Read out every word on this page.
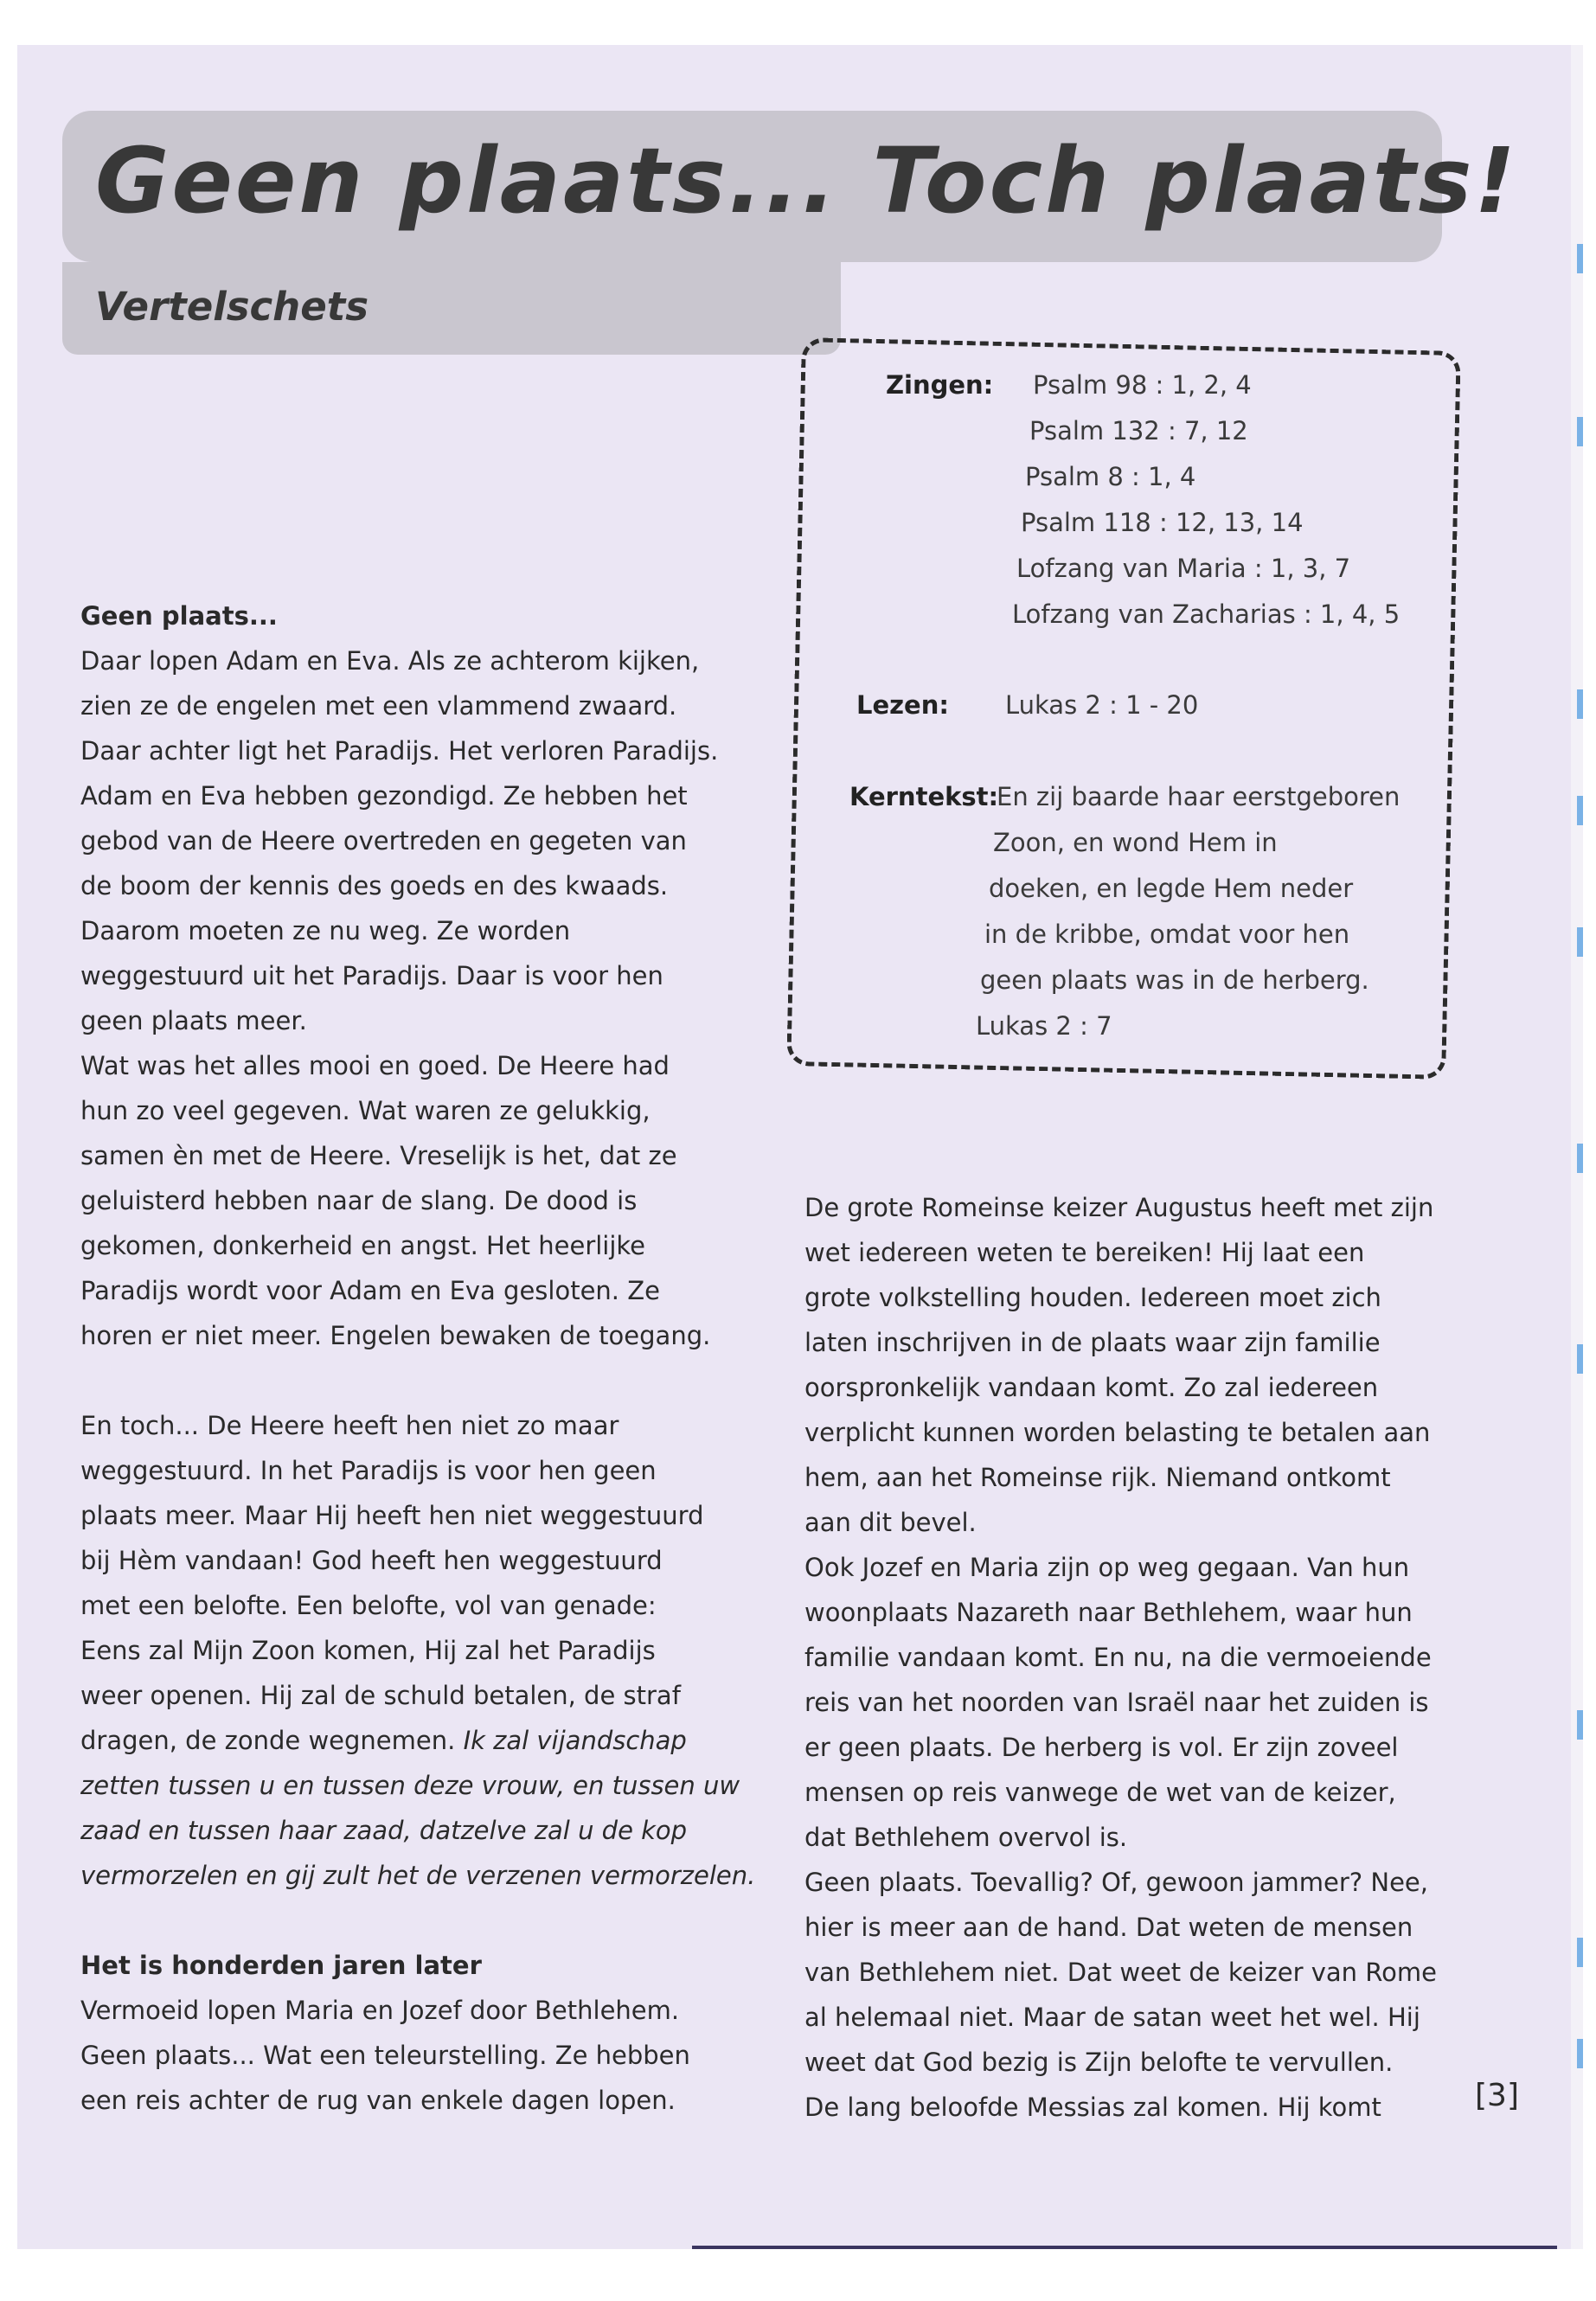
Geen plaats... Toch plaats!
Vertelschets
Zingen: Psalm 98 : 1, 2, 4
Psalm 132 : 7, 12
Psalm 8 : 1, 4
Psalm 118 : 12, 13, 14
Lofzang van Maria : 1, 3, 7
Lofzang van Zacharias : 1, 4, 5
Lezen: Lukas 2 : 1 - 20
Kerntekst:
En zij baarde haar eerstgeboren
Zoon, en wond Hem in
doeken, en legde Hem neder
in de kribbe, omdat voor hen
geen plaats was in de herberg.
Lukas 2 : 7

Geen plaats...

Daar lopen Adam en Eva. Als ze achterom kijken,

zien ze de engelen met een vlammend zwaard.

Daar achter ligt het Paradijs. Het verloren Paradijs.

Adam en Eva hebben gezondigd. Ze hebben het

gebod van de Heere overtreden en gegeten van

de boom der kennis des goeds en des kwaads.

Daarom moeten ze nu weg. Ze worden

weggestuurd uit het Paradijs. Daar is voor hen

geen plaats meer.

Wat was het alles mooi en goed. De Heere had

hun zo veel gegeven. Wat waren ze gelukkig,

samen èn met de Heere. Vreselijk is het, dat ze

geluisterd hebben naar de slang. De dood is

gekomen, donkerheid en angst. Het heerlijke

Paradijs wordt voor Adam en Eva gesloten. Ze

horen er niet meer. Engelen bewaken de toegang.

En toch... De Heere heeft hen niet zo maar

weggestuurd. In het Paradijs is voor hen geen

plaats meer. Maar Hij heeft hen niet weggestuurd

bij Hèm vandaan! God heeft hen weggestuurd

met een belofte. Een belofte, vol van genade:

Eens zal Mijn Zoon komen, Hij zal het Paradijs

weer openen. Hij zal de schuld betalen, de straf

dragen, de zonde wegnemen. Ik zal vijandschap

zetten tussen u en tussen deze vrouw, en tussen uw

zaad en tussen haar zaad, datzelve zal u de kop

vermorzelen en gij zult het de verzenen vermorzelen.

Het is honderden jaren later

Vermoeid lopen Maria en Jozef door Bethlehem.

Geen plaats... Wat een teleurstelling. Ze hebben

een reis achter de rug van enkele dagen lopen.

De grote Romeinse keizer Augustus heeft met zijn

wet iedereen weten te bereiken! Hij laat een

grote volkstelling houden. Iedereen moet zich

laten inschrijven in de plaats waar zijn familie

oorspronkelijk vandaan komt. Zo zal iedereen

verplicht kunnen worden belasting te betalen aan

hem, aan het Romeinse rijk. Niemand ontkomt

aan dit bevel.

Ook Jozef en Maria zijn op weg gegaan. Van hun

woonplaats Nazareth naar Bethlehem, waar hun

familie vandaan komt. En nu, na die vermoeiende

reis van het noorden van Israël naar het zuiden is

er geen plaats. De herberg is vol. Er zijn zoveel

mensen op reis vanwege de wet van de keizer,

dat Bethlehem overvol is.

Geen plaats. Toevallig? Of, gewoon jammer? Nee,

hier is meer aan de hand. Dat weten de mensen

van Bethlehem niet. Dat weet de keizer van Rome

al helemaal niet. Maar de satan weet het wel. Hij

weet dat God bezig is Zijn belofte te vervullen.

De lang beloofde Messias zal komen. Hij komt	[3]
